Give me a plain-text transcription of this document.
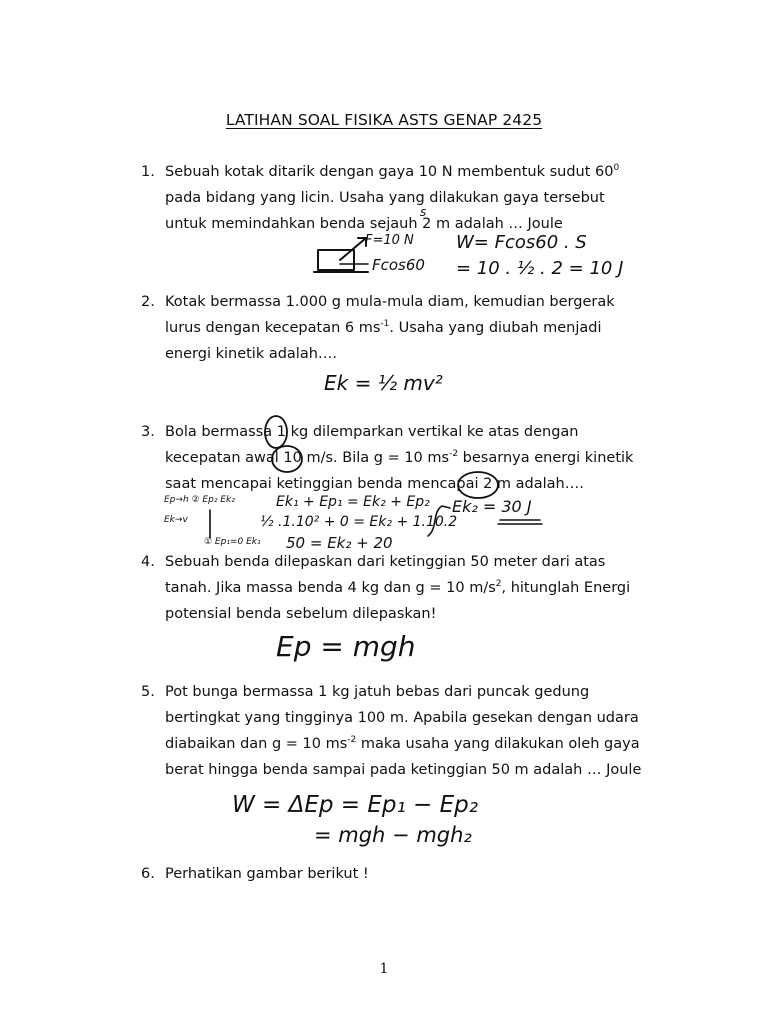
LATIHAN SOAL FISIKA ASTS GENAP 2425
1. Sebuah kotak ditarik dengan gaya 10 N membentuk sudut $60^0$
pada bidang yang licin. Usaha yang dilakukan gaya tersebut
untuk memindahkan benda sejauh 2 m adalah … Joule
F=10 N
s
Fcos60
W= Fcos60 . S
= 10 . ½ . 2 = 10 J
2. Kotak bermassa 1.000 g mula-mula diam, kemudian bergerak
lurus dengan kecepatan 6 $ms^{-1}$. Usaha yang diubah menjadi
energi kinetik adalah….
Ek = ½ mv²
3. Bola bermassa 1 kg dilemparkan vertikal ke atas dengan
kecepatan awal 10 m/s. Bila g = 10 $ms^{-2}$ besarnya energi kinetik
saat mencapai ketinggian benda mencapai 2 m adalah….
Ep→h ② Ep₂ Ek₂
Ek→v
① Ep₁=0 Ek₁
Ek₁ + Ep₁ = Ek₂ + Ep₂
½ .1.10² + 0 = Ek₂ + 1.10.2
50 = Ek₂ + 20
Ek₂ = 30 J
4. Sebuah benda dilepaskan dari ketinggian 50 meter dari atas
tanah. Jika massa benda 4 kg dan g = 10 $m/s^2$, hitunglah Energi
potensial benda sebelum dilepaskan!
Ep = mgh
5. Pot bunga bermassa 1 kg jatuh bebas dari puncak gedung
bertingkat yang tingginya 100 m. Apabila gesekan dengan udara
diabaikan dan g = 10 $ms^{-2}$ maka usaha yang dilakukan oleh gaya
berat hingga benda sampai pada ketinggian 50 m adalah … Joule
W = ΔEp = Ep₁ − Ep₂
= mgh − mgh₂
6. Perhatikan gambar berikut !
1
